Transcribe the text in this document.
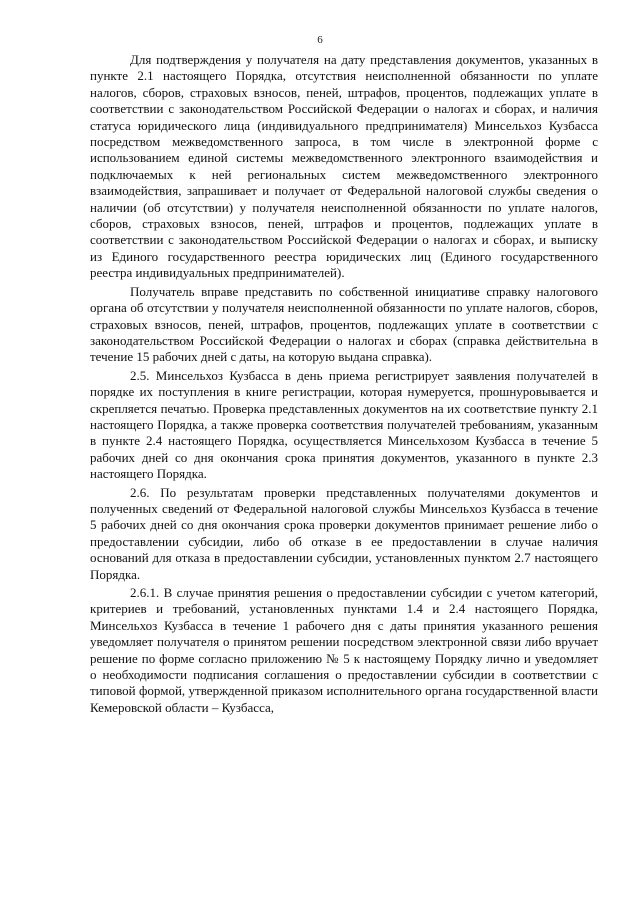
6

Для подтверждения у получателя на дату представления документов, указанных в пункте 2.1 настоящего Порядка, отсутствия неисполненной обязанности по уплате налогов, сборов, страховых взносов, пеней, штрафов, процентов, подлежащих уплате в соответствии с законодательством Российской Федерации о налогах и сборах, и наличия статуса юридического лица (индивидуального предпринимателя) Минсельхоз Кузбасса посредством межведомственного запроса, в том числе в электронной форме с использованием единой системы межведомственного электронного взаимодействия и подключаемых к ней региональных систем межведомственного электронного взаимодействия, запрашивает и получает от Федеральной налоговой службы сведения о наличии (об отсутствии) у получателя неисполненной обязанности по уплате налогов, сборов, страховых взносов, пеней, штрафов и процентов, подлежащих уплате в соответствии с законодательством Российской Федерации о налогах и сборах, и выписку из Единого государственного реестра юридических лиц (Единого государственного реестра индивидуальных предпринимателей).

Получатель вправе представить по собственной инициативе справку налогового органа об отсутствии у получателя неисполненной обязанности по уплате налогов, сборов, страховых взносов, пеней, штрафов, процентов, подлежащих уплате в соответствии с законодательством Российской Федерации о налогах и сборах (справка действительна в течение 15 рабочих дней с даты, на которую выдана справка).

2.5. Минсельхоз Кузбасса в день приема регистрирует заявления получателей в порядке их поступления в книге регистрации, которая нумеруется, прошнуровывается и скрепляется печатью. Проверка представленных документов на их соответствие пункту 2.1 настоящего Порядка, а также проверка соответствия получателей требованиям, указанным в пункте 2.4 настоящего Порядка, осуществляется Минсельхозом Кузбасса в течение 5 рабочих дней со дня окончания срока принятия документов, указанного в пункте 2.3 настоящего Порядка.

2.6. По результатам проверки представленных получателями документов и полученных сведений от Федеральной налоговой службы Минсельхоз Кузбасса в течение 5 рабочих дней со дня окончания срока проверки документов принимает решение либо о предоставлении субсидии, либо об отказе в ее предоставлении в случае наличия оснований для отказа в предоставлении субсидии, установленных пунктом 2.7 настоящего Порядка.

2.6.1. В случае принятия решения о предоставлении субсидии с учетом категорий, критериев и требований, установленных пунктами 1.4 и 2.4 настоящего Порядка, Минсельхоз Кузбасса в течение 1 рабочего дня с даты принятия указанного решения уведомляет получателя о принятом решении посредством электронной связи либо вручает решение по форме согласно приложению № 5 к настоящему Порядку лично и уведомляет о необходимости подписания соглашения о предоставлении субсидии в соответствии с типовой формой, утвержденной приказом исполнительного органа государственной власти Кемеровской области – Кузбасса,
